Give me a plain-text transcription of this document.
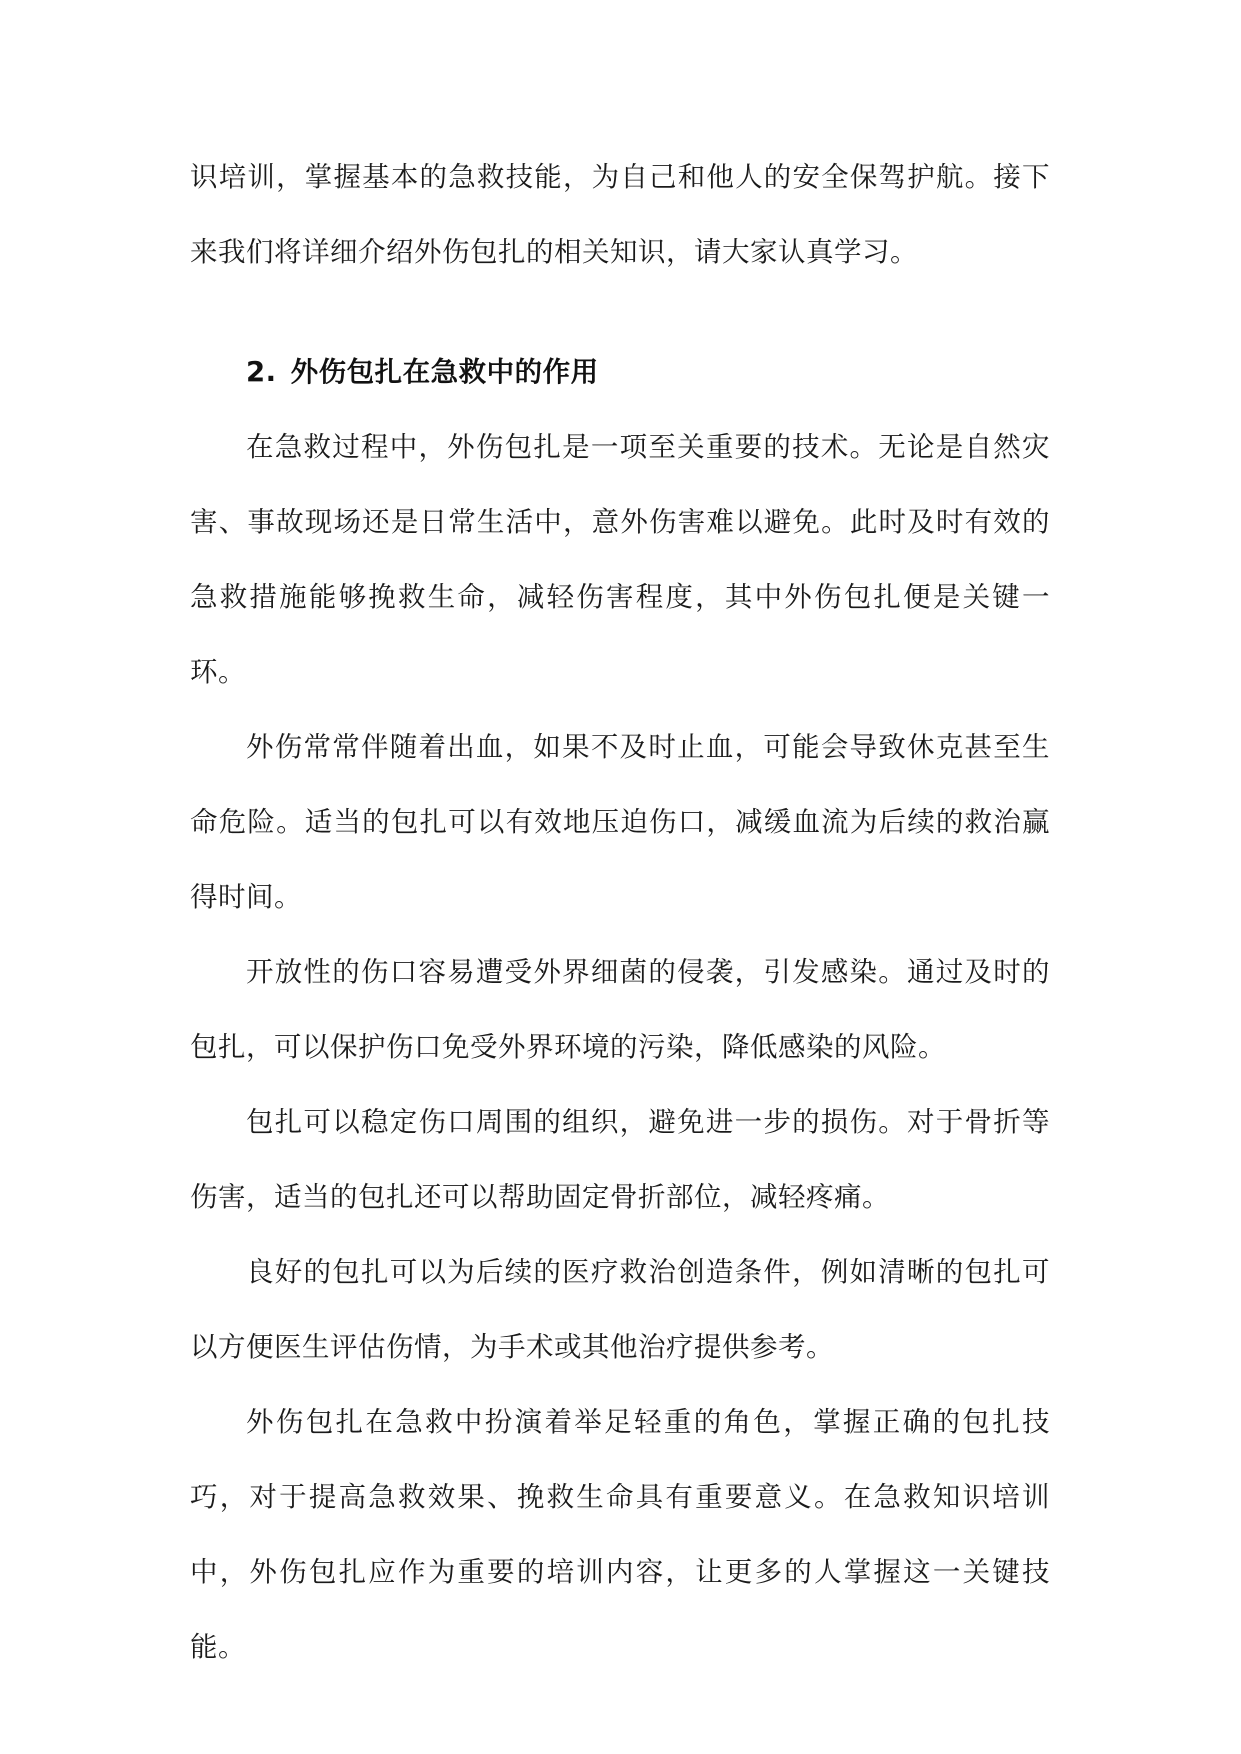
识培训，掌握基本的急救技能，为自己和他人的安全保驾护航。接下来我们将详细介绍外伤包扎的相关知识，请大家认真学习。

2. 外伤包扎在急救中的作用

在急救过程中，外伤包扎是一项至关重要的技术。无论是自然灾害、事故现场还是日常生活中，意外伤害难以避免。此时及时有效的急救措施能够挽救生命，减轻伤害程度，其中外伤包扎便是关键一环。

外伤常常伴随着出血，如果不及时止血，可能会导致休克甚至生命危险。适当的包扎可以有效地压迫伤口，减缓血流为后续的救治赢得时间。

开放性的伤口容易遭受外界细菌的侵袭，引发感染。通过及时的包扎，可以保护伤口免受外界环境的污染，降低感染的风险。

包扎可以稳定伤口周围的组织，避免进一步的损伤。对于骨折等伤害，适当的包扎还可以帮助固定骨折部位，减轻疼痛。

良好的包扎可以为后续的医疗救治创造条件，例如清晰的包扎可以方便医生评估伤情，为手术或其他治疗提供参考。

外伤包扎在急救中扮演着举足轻重的角色，掌握正确的包扎技巧，对于提高急救效果、挽救生命具有重要意义。在急救知识培训中，外伤包扎应作为重要的培训内容，让更多的人掌握这一关键技能。
